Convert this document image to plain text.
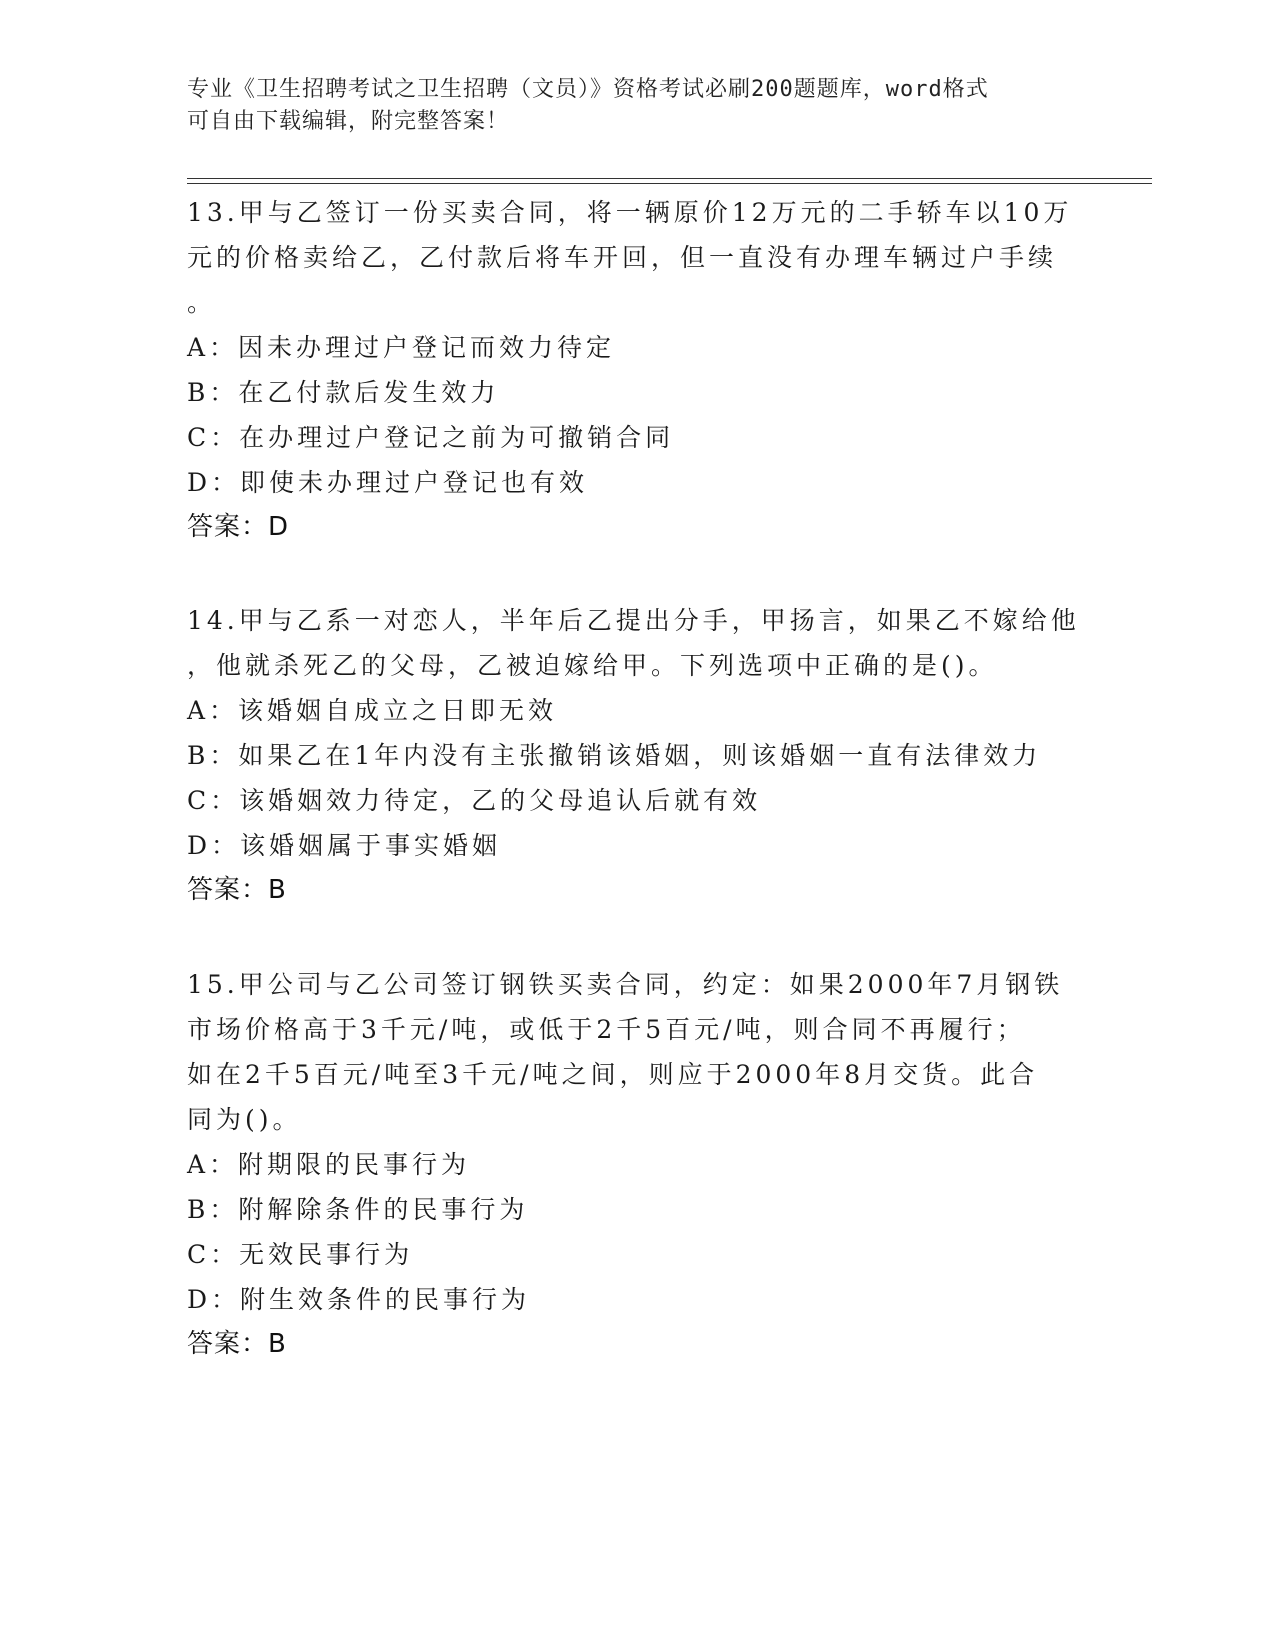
专业《卫生招聘考试之卫生招聘（文员）》资格考试必刷200题题库，word格式

可自由下载编辑，附完整答案！

13.甲与乙签订一份买卖合同，将一辆原价12万元的二手轿车以10万

元的价格卖给乙，乙付款后将车开回，但一直没有办理车辆过户手续

。

A：因未办理过户登记而效力待定

B：在乙付款后发生效力

C：在办理过户登记之前为可撤销合同

D：即使未办理过户登记也有效

答案：D

14.甲与乙系一对恋人，半年后乙提出分手，甲扬言，如果乙不嫁给他

，他就杀死乙的父母，乙被迫嫁给甲。下列选项中正确的是()。

A：该婚姻自成立之日即无效

B：如果乙在1年内没有主张撤销该婚姻，则该婚姻一直有法律效力

C：该婚姻效力待定，乙的父母追认后就有效

D：该婚姻属于事实婚姻

答案：B

15.甲公司与乙公司签订钢铁买卖合同，约定：如果2000年7月钢铁

市场价格高于3千元/吨，或低于2千5百元/吨，则合同不再履行；

如在2千5百元/吨至3千元/吨之间，则应于2000年8月交货。此合

同为()。

A：附期限的民事行为

B：附解除条件的民事行为

C：无效民事行为

D：附生效条件的民事行为

答案：B
